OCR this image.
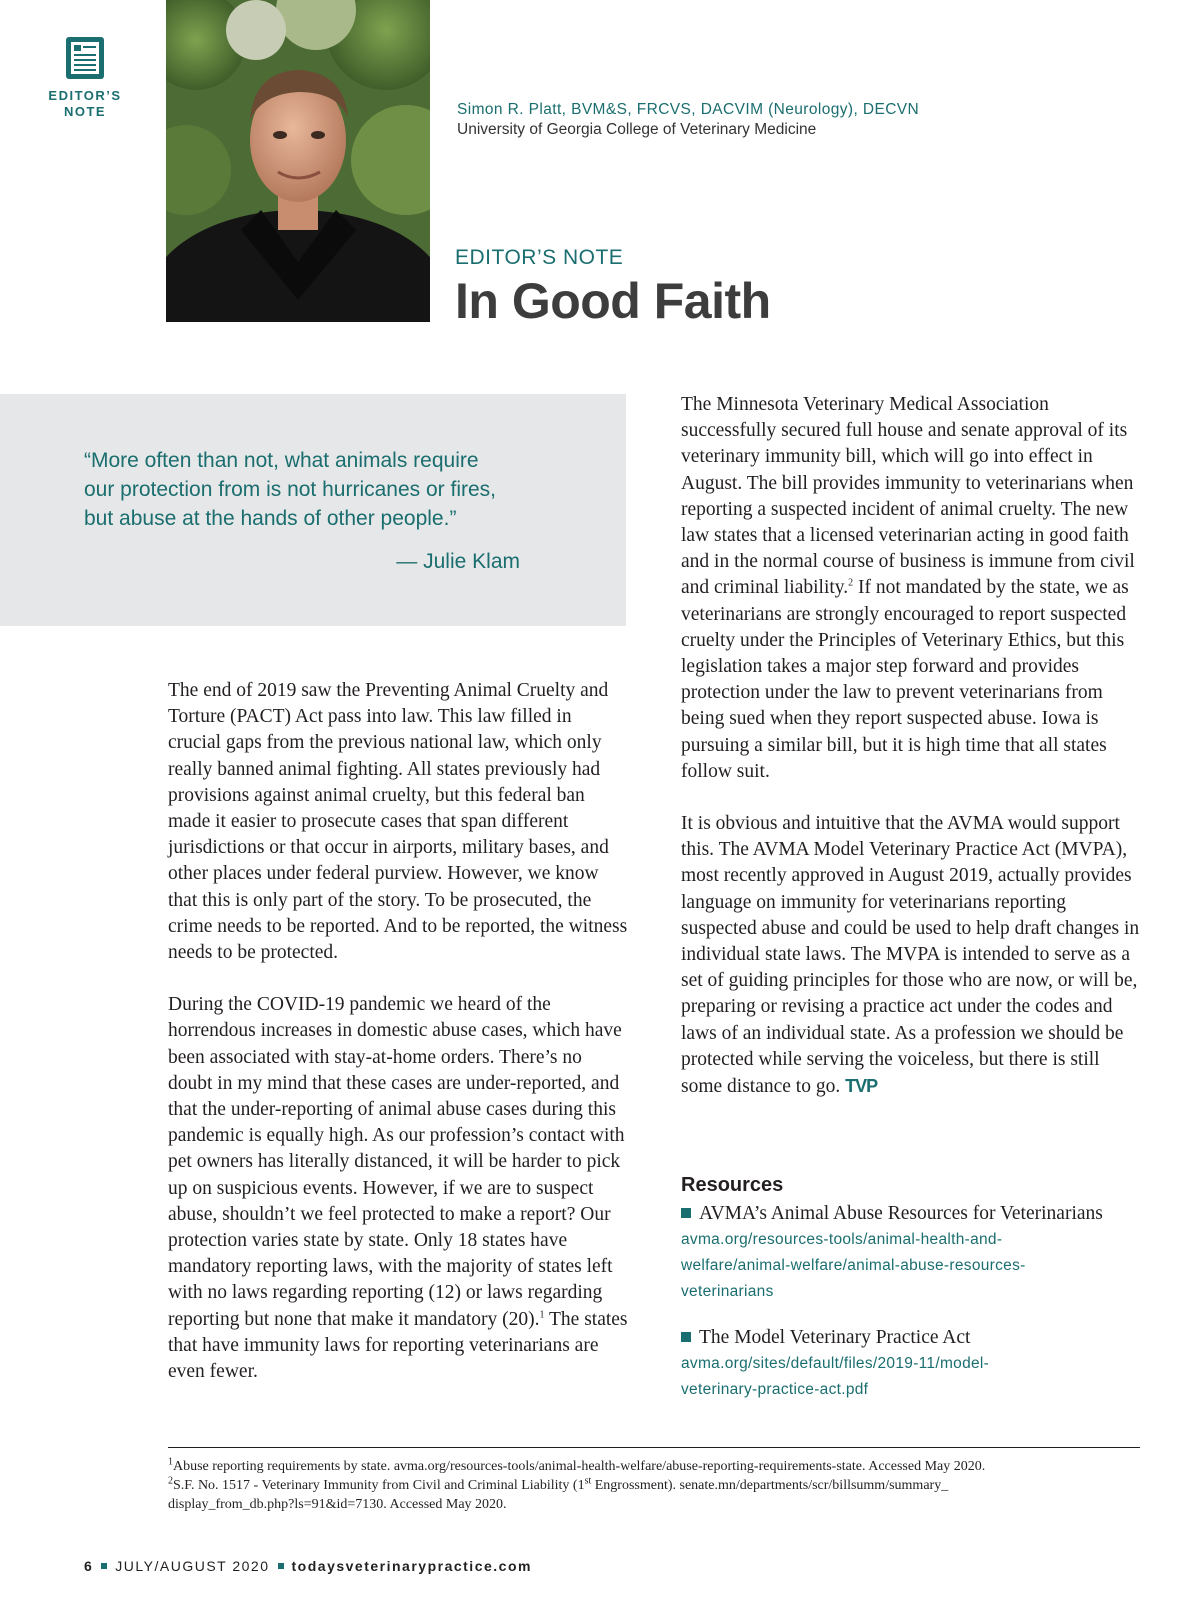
EDITOR’S
NOTE	Simon R. Platt, BVM&S, FRCVS, DACVIM (Neurology), DECVN
University of Georgia College of Veterinary Medicine
EDITOR’S NOTE
In Good Faith
“More often than not, what animals require
our protection from is not hurricanes or fires,
but abuse at the hands of other people.”
— Julie Klam

The end of 2019 saw the Preventing Animal Cruelty and Torture (PACT) Act pass into law. This law filled in crucial gaps from the previous national law, which only really banned animal fighting. All states previously had provisions against animal cruelty, but this federal ban made it easier to prosecute cases that span different jurisdictions or that occur in airports, military bases, and other places under federal purview. However, we know that this is only part of the story. To be prosecuted, the crime needs to be reported. And to be reported, the witness needs to be protected.

During the COVID-19 pandemic we heard of the horrendous increases in domestic abuse cases, which have been associated with stay-at-home orders. There’s no doubt in my mind that these cases are under-reported, and that the under-reporting of animal abuse cases during this pandemic is equally high. As our profession’s contact with pet owners has literally distanced, it will be harder to pick up on suspicious events. However, if we are to suspect abuse, shouldn’t we feel protected to make a report? Our protection varies state by state. Only 18 states have mandatory reporting laws, with the majority of states left with no laws regarding reporting (12) or laws regarding reporting but none that make it mandatory (20).$^1$ The states that have immunity laws for reporting veterinarians are even fewer.

The Minnesota Veterinary Medical Association successfully secured full house and senate approval of its veterinary immunity bill, which will go into effect in August. The bill provides immunity to veterinarians when reporting a suspected incident of animal cruelty. The new law states that a licensed veterinarian acting in good faith and in the normal course of business is immune from civil and criminal liability.$^2$ If not mandated by the state, we as veterinarians are strongly encouraged to report suspected cruelty under the Principles of Veterinary Ethics, but this legislation takes a major step forward and provides protection under the law to prevent veterinarians from being sued when they report suspected abuse. Iowa is pursuing a similar bill, but it is high time that all states follow suit.

It is obvious and intuitive that the AVMA would support this. The AVMA Model Veterinary Practice Act (MVPA), most recently approved in August 2019, actually provides language on immunity for veterinarians reporting suspected abuse and could be used to help draft changes in individual state laws. The MVPA is intended to serve as a set of guiding principles for those who are now, or will be, preparing or revising a practice act under the codes and laws of an individual state. As a profession we should be protected while serving the voiceless, but there is still some distance to go. TVP

Resources
AVMA’s Animal Abuse Resources for Veterinarians
avma.org/resources-tools/animal-health-and-
welfare/animal-welfare/animal-abuse-resources-
veterinarians
The Model Veterinary Practice Act
avma.org/sites/default/files/2019-11/model-
veterinary-practice-act.pdf
$^1$Abuse reporting requirements by state. avma.org/resources-tools/animal-health-welfare/abuse-reporting-requirements-state. Accessed May 2020.
$^2$S.F. No. 1517 - Veterinary Immunity from Civil and Criminal Liability (1st Engrossment). senate.mn/departments/scr/billsumm/summary_
display_from_db.php?ls=91&id=7130. Accessed May 2020.
6 JULY/AUGUST 2020 todaysveterinarypractice.com
